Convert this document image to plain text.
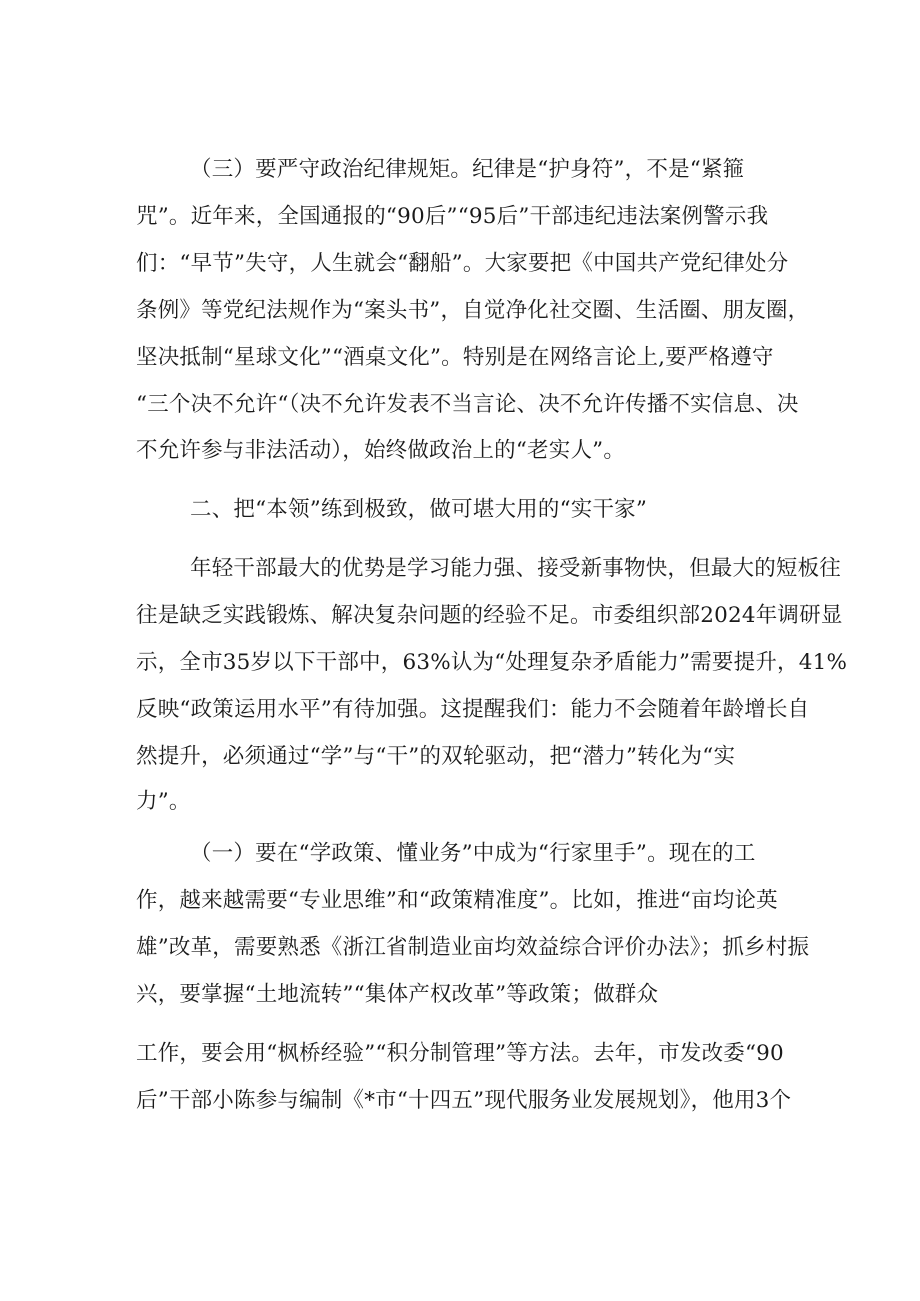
（三）要严守政治纪律规矩。纪律是“护身符”，不是“紧箍
咒”。近年来，全国通报的“90后”“95后”干部违纪违法案例警示我
们：“早节”失守，人生就会“翻船”。大家要把《中国共产党纪律处分
条例》等党纪法规作为“案头书”，自觉净化社交圈、生活圈、朋友圈，
坚决抵制“星球文化”“酒桌文化”。特别是在网络言论上,要严格遵守
“三个决不允许“（决不允许发表不当言论、决不允许传播不实信息、决
不允许参与非法活动），始终做政治上的“老实人”。
二、把“本领”练到极致，做可堪大用的“实干家”
年轻干部最大的优势是学习能力强、接受新事物快，但最大的短板往
往是缺乏实践锻炼、解决复杂问题的经验不足。市委组织部2024年调研显
示，全市35岁以下干部中，63%认为“处理复杂矛盾能力”需要提升，41%
反映“政策运用水平”有待加强。这提醒我们：能力不会随着年龄增长自
然提升，必须通过“学”与“干”的双轮驱动，把“潜力”转化为“实
力”。
（一）要在“学政策、懂业务”中成为“行家里手”。现在的工
作，越来越需要“专业思维”和“政策精准度”。比如，推进“亩均论英
雄”改革，需要熟悉《浙江省制造业亩均效益综合评价办法》；抓乡村振
兴，要掌握“土地流转”“集体产权改革”等政策；做群众
工作，要会用“枫桥经验”“积分制管理”等方法。去年，市发改委“90
后”干部小陈参与编制《*市“十四五”现代服务业发展规划》，他用3个
